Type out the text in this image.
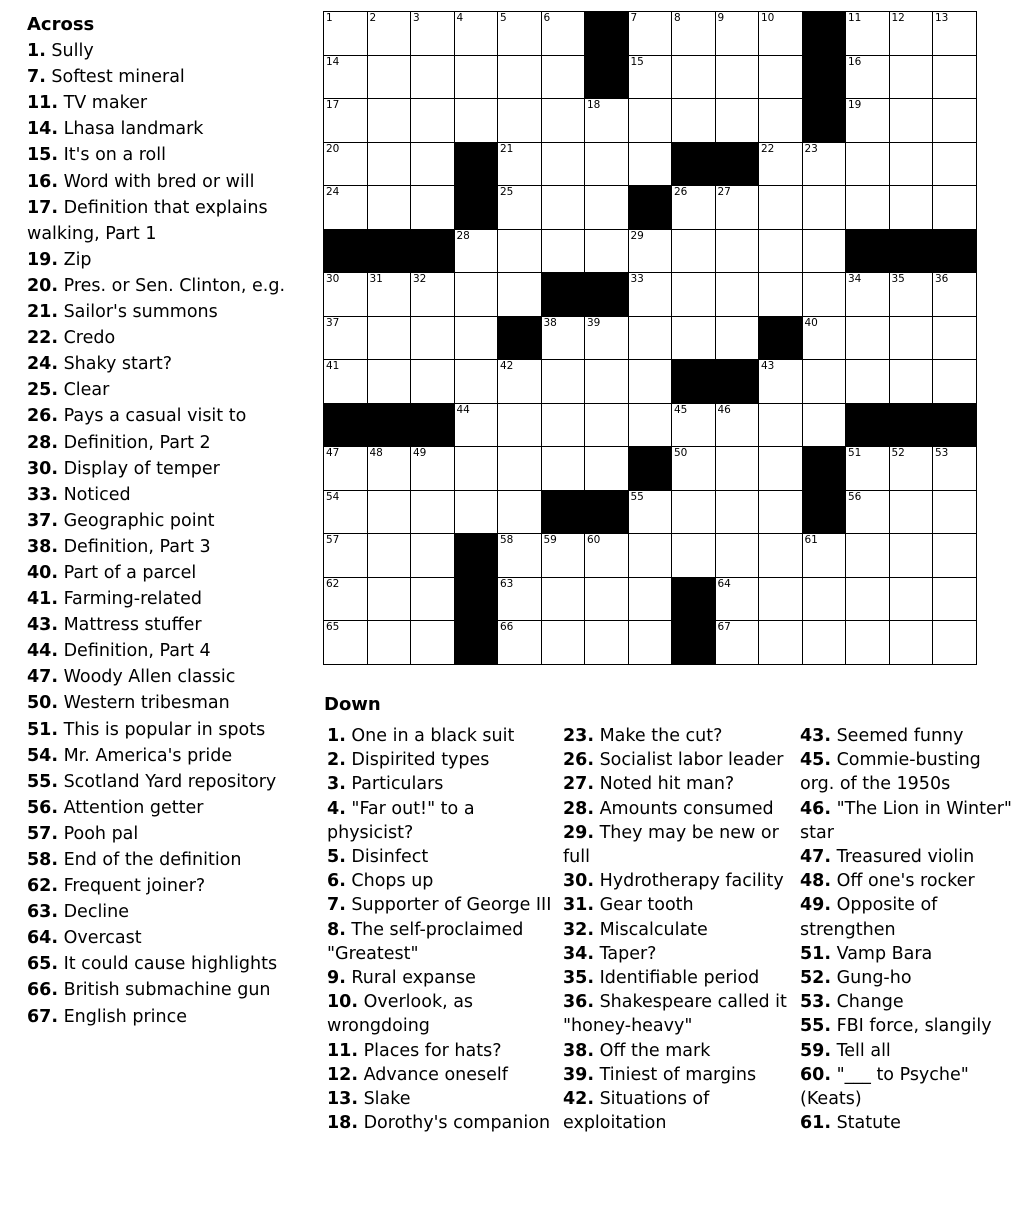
Across
1. Sully
7. Softest mineral
11. TV maker
14. Lhasa landmark
15. It's on a roll
16. Word with bred or will
17. Definition that explains walking, Part 1
19. Zip
20. Pres. or Sen. Clinton, e.g.
21. Sailor's summons
22. Credo
24. Shaky start?
25. Clear
26. Pays a casual visit to
28. Definition, Part 2
30. Display of temper
33. Noticed
37. Geographic point
38. Definition, Part 3
40. Part of a parcel
41. Farming-related
43. Mattress stuffer
44. Definition, Part 4
47. Woody Allen classic
50. Western tribesman
51. This is popular in spots
54. Mr. America's pride
55. Scotland Yard repository
56. Attention getter
57. Pooh pal
58. End of the definition
62. Frequent joiner?
63. Decline
64. Overcast
65. It could cause highlights
66. British submachine gun
67. English prince
1	2	3	4	5	6	7	8	9	10	11	12	13
14	15	16
17	18	19
20	21	22	23
24	25	26	27
28	29
30	31	32	33	34	35	36
37	38	39	40
41	42	43
44	45	46
47	48	49	50	51	52	53
54	55	56
57	58	59	60	61
62	63	64
65	66	67
Down
1. One in a black suit
2. Dispirited types
3. Particulars
4. "Far out!" to a physicist?
5. Disinfect
6. Chops up
7. Supporter of George III
8. The self-proclaimed "Greatest"
9. Rural expanse
10. Overlook, as wrongdoing
11. Places for hats?
12. Advance oneself
13. Slake
18. Dorothy's companion
23. Make the cut?
26. Socialist labor leader
27. Noted hit man?
28. Amounts consumed
29. They may be new or full
30. Hydrotherapy facility
31. Gear tooth
32. Miscalculate
34. Taper?
35. Identifiable period
36. Shakespeare called it "honey-heavy"
38. Off the mark
39. Tiniest of margins
42. Situations of exploitation
43. Seemed funny
45. Commie-busting org. of the 1950s
46. "The Lion in Winter" star
47. Treasured violin
48. Off one's rocker
49. Opposite of strengthen
51. Vamp Bara
52. Gung-ho
53. Change
55. FBI force, slangily
59. Tell all
60. "___ to Psyche" (Keats)
61. Statute
